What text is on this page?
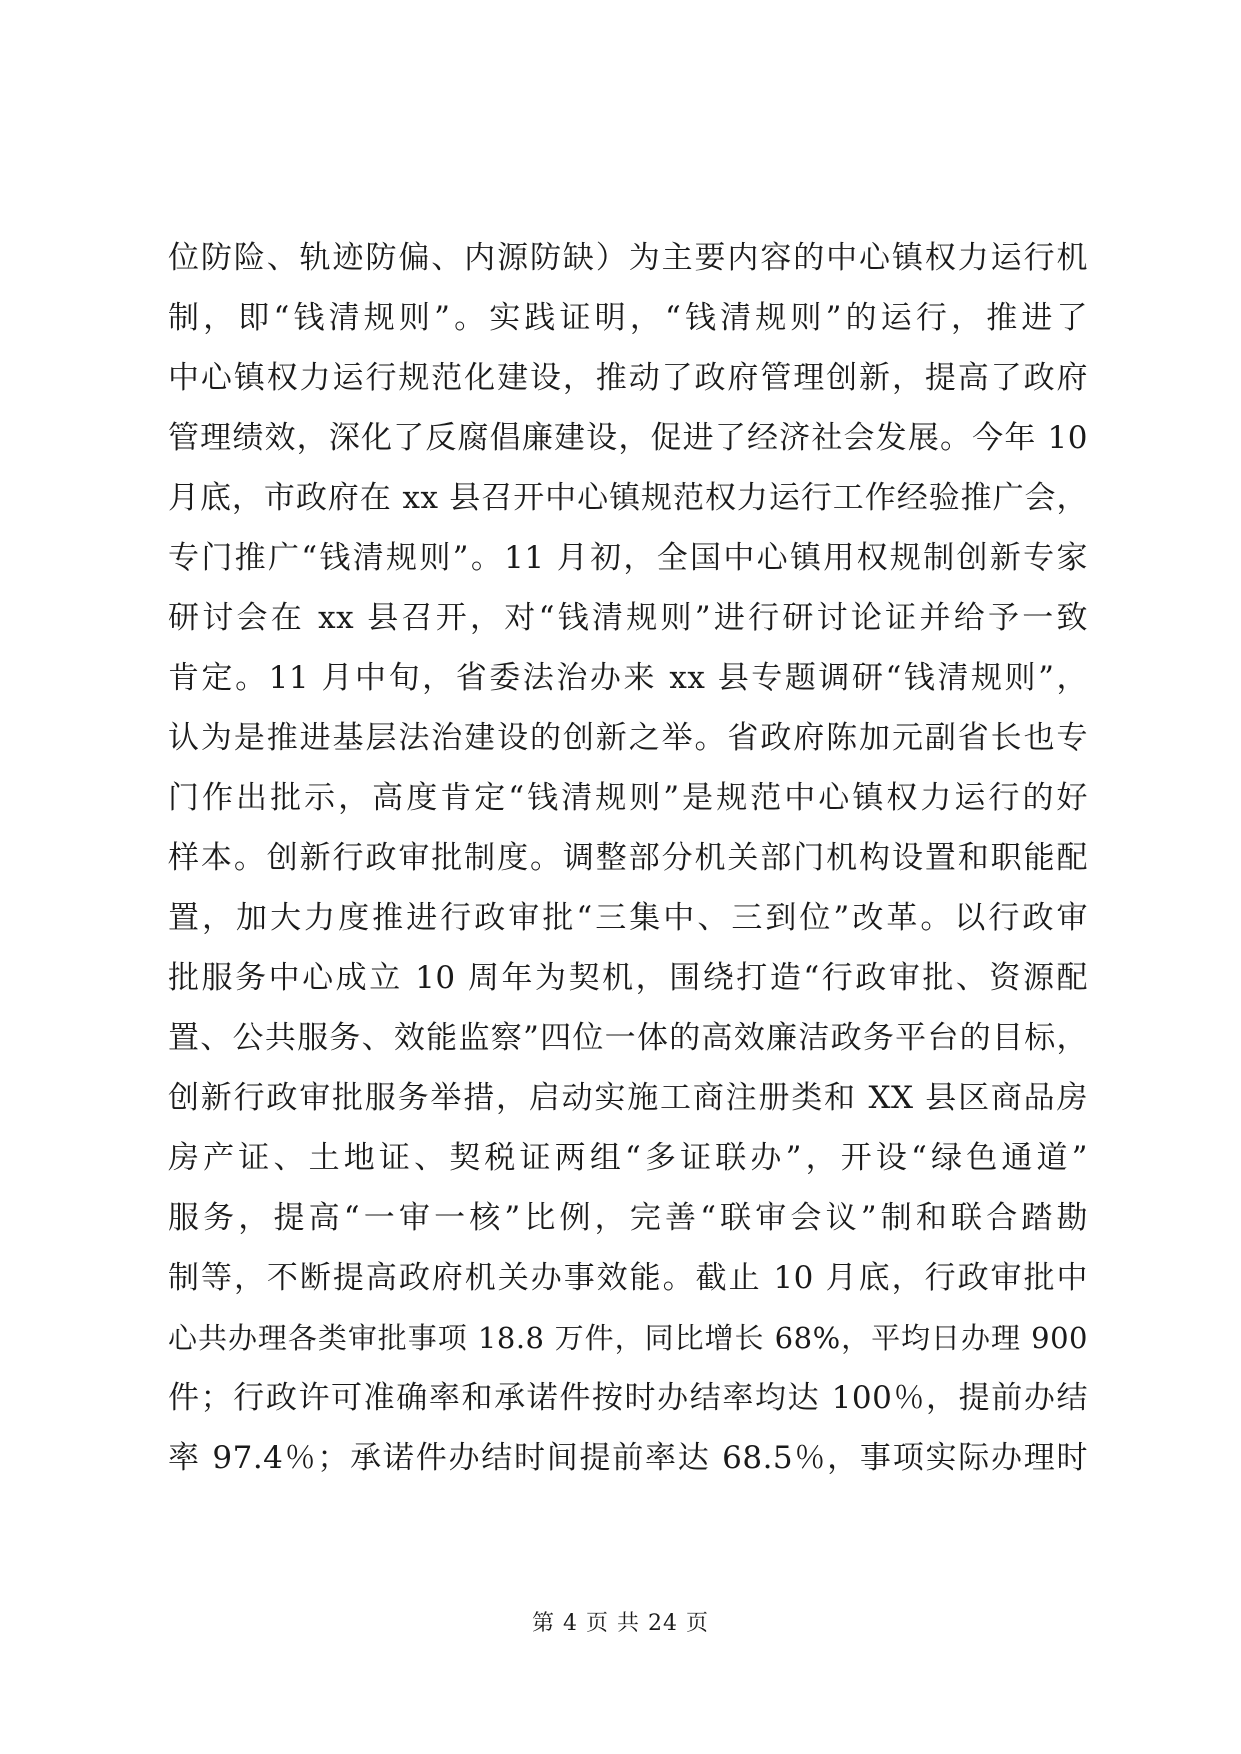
位防险、轨迹防偏、内源防缺）为主要内容的中心镇权力运行机
制，即“钱清规则”。实践证明，“钱清规则”的运行，推进了
中心镇权力运行规范化建设，推动了政府管理创新，提高了政府
管理绩效，深化了反腐倡廉建设，促进了经济社会发展。今年 10
月底，市政府在 xx 县召开中心镇规范权力运行工作经验推广会，
专门推广“钱清规则”。11 月初，全国中心镇用权规制创新专家
研讨会在 xx 县召开，对“钱清规则”进行研讨论证并给予一致
肯定。11 月中旬，省委法治办来 xx 县专题调研“钱清规则”，
认为是推进基层法治建设的创新之举。省政府陈加元副省长也专
门作出批示，高度肯定“钱清规则”是规范中心镇权力运行的好
样本。创新行政审批制度。调整部分机关部门机构设置和职能配
置，加大力度推进行政审批“三集中、三到位”改革。以行政审
批服务中心成立 10 周年为契机，围绕打造“行政审批、资源配
置、公共服务、效能监察”四位一体的高效廉洁政务平台的目标，
创新行政审批服务举措，启动实施工商注册类和 XX 县区商品房
房产证、土地证、契税证两组“多证联办”，开设“绿色通道”
服务，提高“一审一核”比例，完善“联审会议”制和联合踏勘
制等，不断提高政府机关办事效能。截止 10 月底，行政审批中
心共办理各类审批事项 18.8 万件，同比增长 68%，平均日办理 900
件；行政许可准确率和承诺件按时办结率均达 100％，提前办结
率 97.4％；承诺件办结时间提前率达 68.5％，事项实际办理时
第 4 页 共 24 页
